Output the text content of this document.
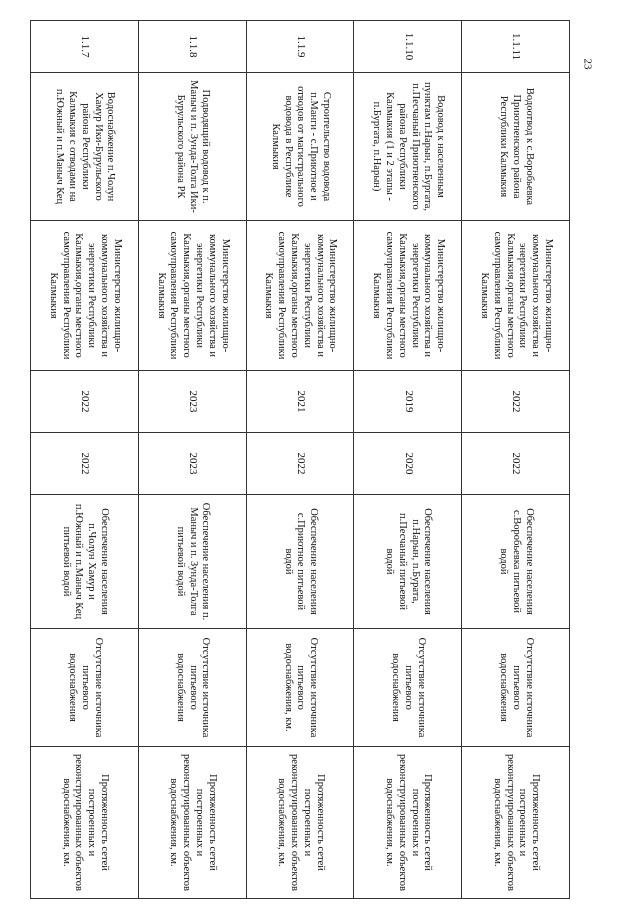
1.1.11	Водоотвод к с.Воробьевка Приютненского района Республики Калмыкия	Министерство жилищно-коммунального хозяйства и энергетики Республики Калмыкия,органы местного самоуправления Республики Калмыкия	2022	2022	Обеспечение населения с.Воробьевка питьевой водой	Отсутствие источника питьевого водоснабжения	Протяженность сетей построенных и реконструированных объектов водоснабжения, км.
1.1.10	Водовод к населенным пунктам п.Нарын, п.Бургата, п.Песчаный Приютненского района Республики Калмыкия (1 и 2 этапы - п.Бургата, п.Нарын)	Министерство жилищно-коммунального хозяйства и энергетики Республики Калмыкия,органы местного самоуправления Республики Калмыкия	2019	2020	Обеспечение населения п.Нарын, п.Бурата, п.Песчаный питьевой водой	Отсутствие источника питьевого водоснабжения	Протяженность сетей построенных и реконструированных объектов водоснабжения, км.
1.1.9	Строительство водовода п.Манги - с.Приютное и отводов от магистрального водовода в Республике Калмыкия	Министерство жилищно-коммунального хозяйства и энергетики Республики Калмыкия,органы местного самоуправления Республики Калмыкия	2021	2022	Обеспечение населения с.Приютное питьевой водой	Отсутствие источника питьевого водоснабжения, км.	Протяженность сетей построенных и реконструированных объектов водоснабжения, км.
1.1.8	Подводящий водовод к п. Маныч и п. Зунда-Толга Ики-Бурульского района РК	Министерство жилищно-коммунального хозяйства и энергетики Республики Калмыкия,органы местного самоуправления Республики Калмыкия	2023	2023	Обеспечение населения п. Маныч и п. Зунда-Толга питьевой водой	Отсутствие источника питьевого водоснабжения	Протяженность сетей построенных и реконструированных объектов водоснабжения, км.
1.1.7	Водоснабжение п.Чолун Хамур Ики-Бурульского района Республики Калмыкия с отводами на п.Южный и п.Маныч Кец	Министерство жилищно-коммунального хозяйства и энергетики Республики Калмыкия,органы местного самоуправления Республики Калмыкия	2022	2022	Обеспечение населения п.Чолун Хамур и п.Южный и п.Маныч Кец питьевой водой	Отсутствие источника питьевого водоснабжения	Протяженность сетей построенных и реконструированных объектов водоснабжения, км.
23
